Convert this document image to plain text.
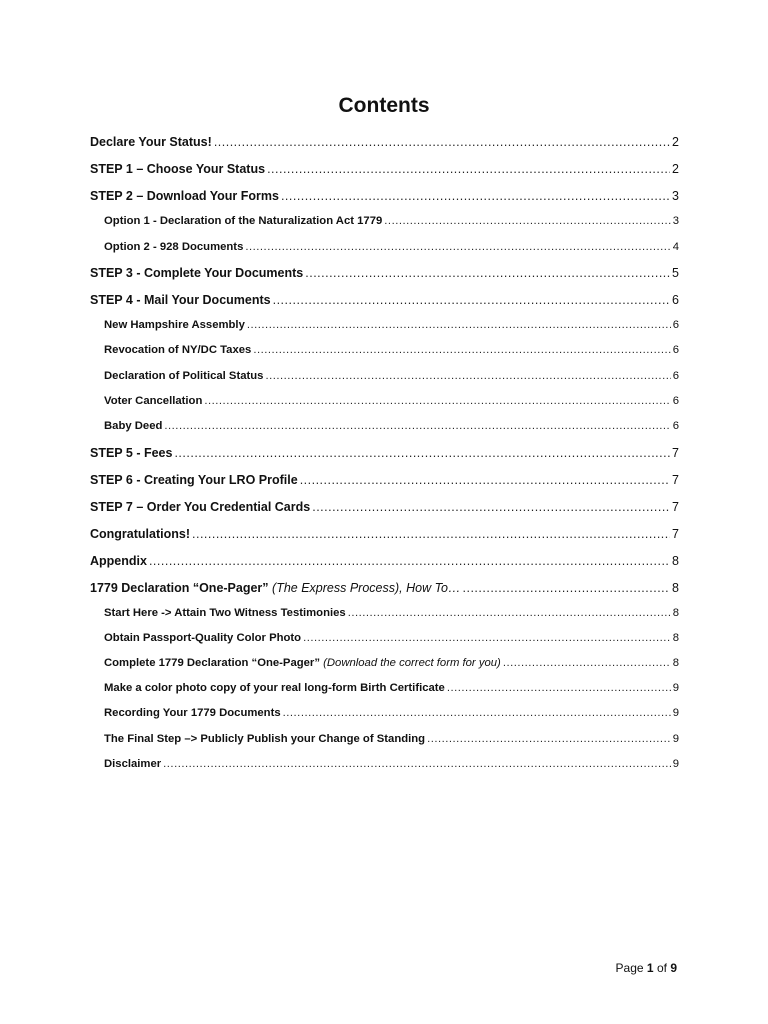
Contents
Declare Your Status! .....	2
STEP 1 – Choose Your Status .....	2
STEP 2 – Download Your Forms .....	3
Option 1 - Declaration of the Naturalization Act 1779 .....	3
Option 2 - 928 Documents .....	4
STEP 3 - Complete Your Documents .....	5
STEP 4 - Mail Your Documents .....	6
New Hampshire Assembly .....	6
Revocation of NY/DC Taxes .....	6
Declaration of Political Status .....	6
Voter Cancellation .....	6
Baby Deed .....	6
STEP 5 - Fees .....	7
STEP 6 - Creating Your LRO Profile .....	7
STEP 7 – Order You Credential Cards .....	7
Congratulations! .....	7
Appendix .....	8
1779 Declaration “One-Pager” (The Express Process), How To… .....	8
Start Here -> Attain Two Witness Testimonies .....	8
Obtain Passport-Quality Color Photo .....	8
Complete 1779 Declaration “One-Pager” (Download the correct form for you) .....	8
Make a color photo copy of your real long-form Birth Certificate .....	9
Recording Your 1779 Documents .....	9
The Final Step –> Publicly Publish your Change of Standing .....	9
Disclaimer .....	9
Page 1 of 9
